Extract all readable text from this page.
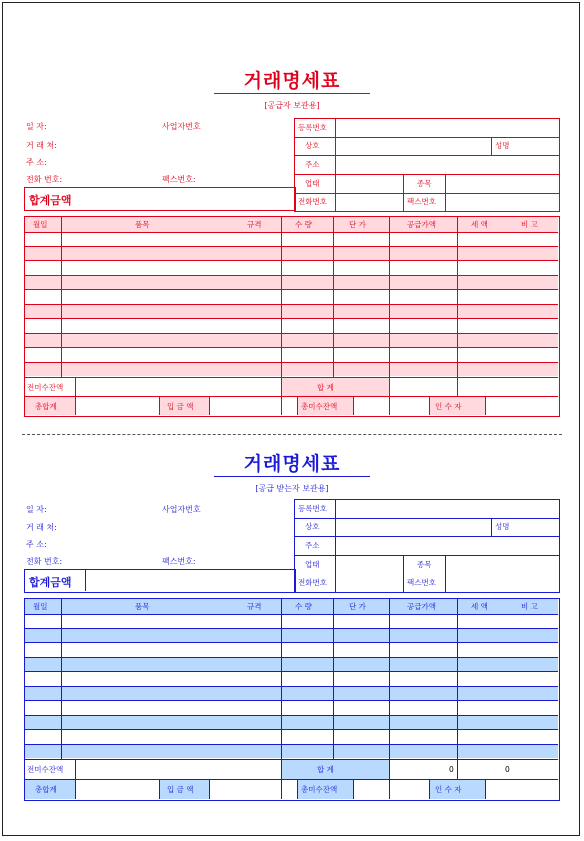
거래명세표
[공급자 보관용]
일 자:
거 래 처:
주 소:
전화 번호:
사업자번호
팩스번호:
합계금액
등록번호
상호	성명
주소
업태	종목
전화번호	팩스번호
월일	품목	규격	수 량	단 가	공급가액	세 액	비 고
전미수잔액	합 계
총합계	입 금 액	총미수잔액	인 수 자
거래명세표
[공급 받는자 보관용]
일 자:
거 래 처:
주 소:
전화 번호:
사업자번호
팩스번호:
합계금액
등록번호
상호	성명
주소
업태	종목
전화번호	팩스번호
월일	품목	규격	수 량	단 가	공급가액	세 액	비 고
전미수잔액	합 계	0	0
총합계	입 금 액	총미수잔액	인 수 자
